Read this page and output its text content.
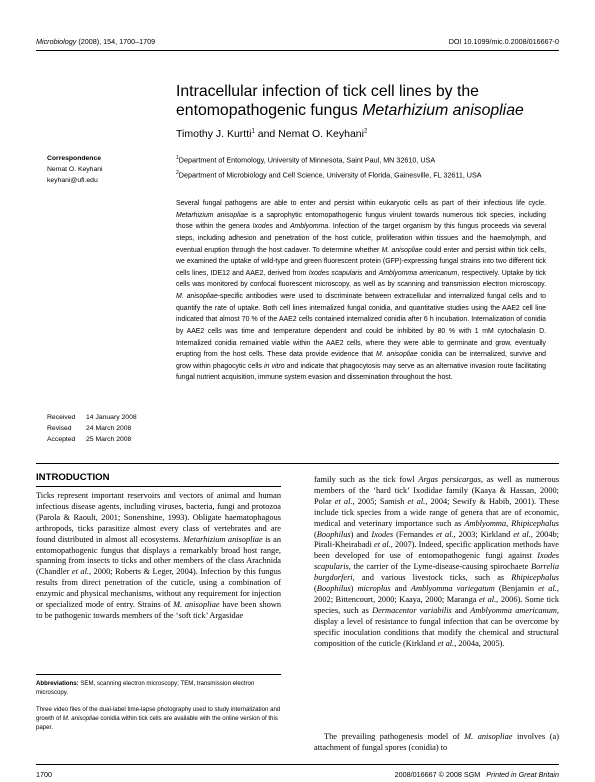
Microbiology (2008), 154, 1700–1709	DOI 10.1099/mic.0.2008/016667-0
Intracellular infection of tick cell lines by the
entomopathogenic fungus Metarhizium anisopliae
Timothy J. Kurtti$^1$ and Nemat O. Keyhani$^2$
$^1$Department of Entomology, University of Minnesota, Saint Paul, MN 32610, USA
$^2$Department of Microbiology and Cell Science, University of Florida, Gainesville, FL 32611, USA
Correspondence
Nemat O. Keyhani
keyhani@ufl.edu
Received 14 January 2008
Revised 24 March 2008
Accepted 25 March 2008

Several fungal pathogens are able to enter and persist within eukaryotic cells as part of their infectious life cycle. Metarhizium anisopliae is a saprophytic entomopathogenic fungus virulent towards numerous tick species, including those within the genera Ixodes and Amblyomma. Infection of the target organism by this fungus proceeds via several steps, including adhesion and penetration of the host cuticle, proliferation within tissues and the haemolymph, and eventual eruption through the host cadaver. To determine whether M. anisopliae could enter and persist within tick cells, we examined the uptake of wild-type and green fluorescent protein (GFP)-expressing fungal strains into two different tick cells lines, IDE12 and AAE2, derived from Ixodes scapularis and Amblyomma americanum, respectively. Uptake by tick cells was monitored by confocal fluorescent microscopy, as well as by scanning and transmission electron microscopy. M. anisopliae-specific antibodies were used to discriminate between extracellular and internalized fungal cells and to quantify the rate of uptake. Both cell lines internalized fungal conidia, and quantitative studies using the AAE2 cell line indicated that almost 70 % of the AAE2 cells contained internalized conidia after 6 h incubation. Internalization of conidia by AAE2 cells was time and temperature dependent and could be inhibited by 80 % with 1 mM cytochalasin D. Internalized conidia remained viable within the AAE2 cells, where they were able to germinate and grow, eventually erupting from the host cells. These data provide evidence that M. anisopliae conidia can be internalized, survive and grow within phagocytic cells in vitro and indicate that phagocytosis may serve as an alternative invasion route facilitating fungal nutrient acquisition, immune system evasion and dissemination throughout the host.

INTRODUCTION

Ticks represent important reservoirs and vectors of animal and human infectious disease agents, including viruses, bacteria, fungi and protozoa (Parola & Raoult, 2001; Sonenshine, 1993). Obligate haematophagous arthropods, ticks parasitize almost every class of vertebrates and are found distributed in almost all ecosystems. Metarhizium anisopliae is an entomopathogenic fungus that displays a remarkably broad host range, spanning from insects to ticks and other members of the class Arachnida (Chandler et al., 2000; Roberts & Leger, 2004). Infection by this fungus results from direct penetration of the cuticle, using a combination of enzymic and physical mechanisms, without any requirement for injection or specialized mode of entry. Strains of M. anisopliae have been shown to be pathogenic towards members of the ‘soft tick’ Argasidae

Abbreviations: SEM, scanning electron microscopy; TEM, transmission electron microscopy.

Three video files of the dual-label time-lapse photography used to study internalization and growth of M. anisopliae conidia within tick cells are available with the online version of this paper.

family such as the tick fowl Argas persicargas, as well as numerous members of the ‘hard tick’ Ixodidae family (Kaaya & Hassan, 2000; Polar et al., 2005; Samish et al., 2004; Sewify & Habib, 2001). These include tick species from a wide range of genera that are of economic, medical and veterinary importance such as Amblyomma, Rhipicephalus (Boophilus) and Ixodes (Fernandes et al., 2003; Kirkland et al., 2004b; Pirali-Kheirabadi et al., 2007). Indeed, specific application methods have been developed for use of entomopathogenic fungi against Ixodes scapularis, the carrier of the Lyme-disease-causing spirochaete Borrelia burgdorferi, and various livestock ticks, such as Rhipicephalus (Boophilus) microplus and Amblyomma variegatum (Benjamin et al., 2002; Bittencourt, 2000; Kaaya, 2000; Maranga et al., 2006). Some tick species, such as Dermacentor variabilis and Amblyomma americanum, display a level of resistance to fungal infection that can be overcome by specific inoculation conditions that modify the chemical and structural composition of the cuticle (Kirkland et al., 2004a, 2005).

The prevailing pathogenesis model of M. anisopliae involves (a) attachment of fungal spores (conidia) to

1700	2008/016667 © 2008 SGM Printed in Great Britain
